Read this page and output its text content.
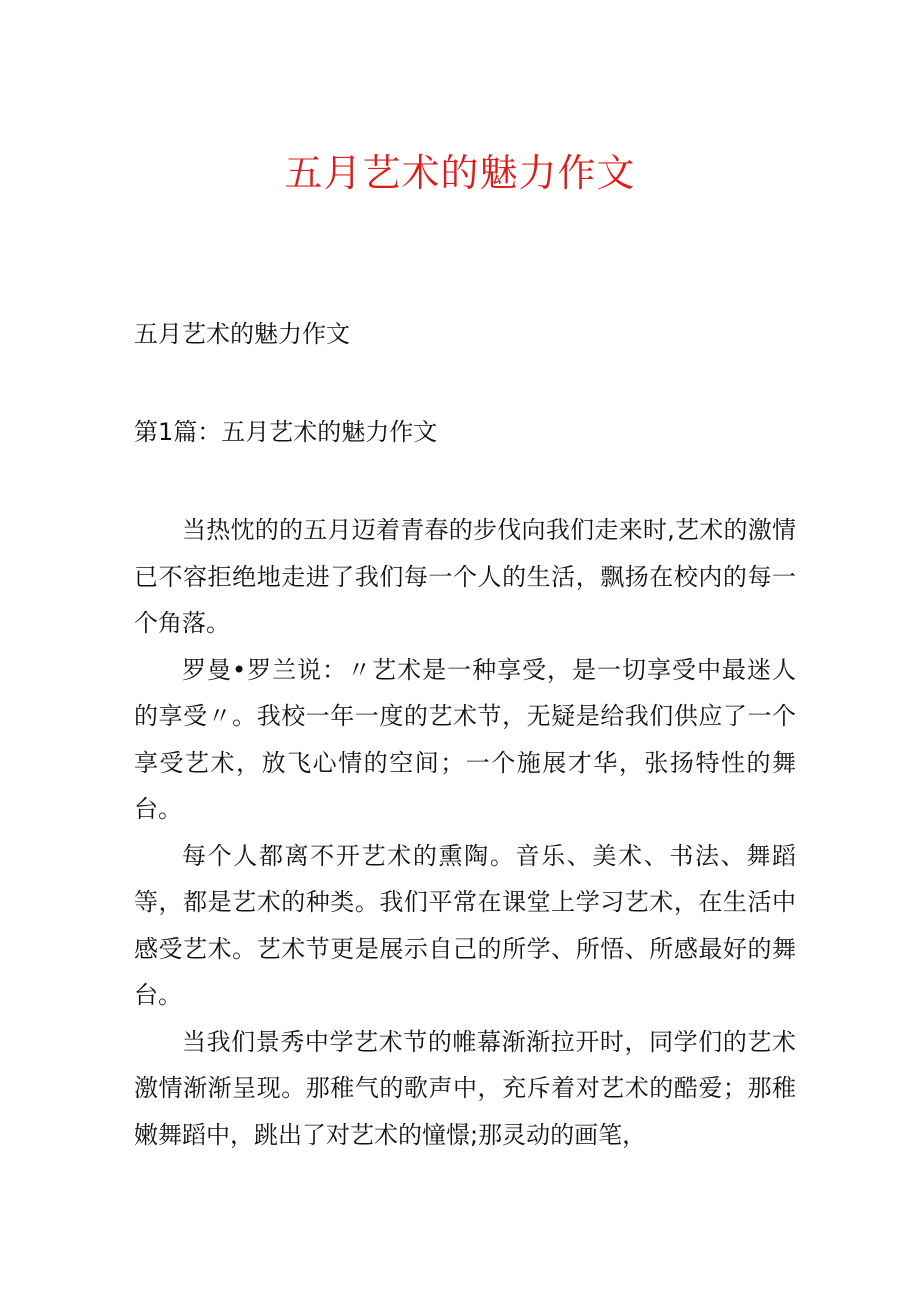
五月艺术的魅力作文
五月艺术的魅力作文
第1篇：五月艺术的魅力作文

当热忱的的五月迈着青春的步伐向我们走来时,艺术的激情已不容拒绝地走进了我们每一个人的生活，飘扬在校内的每一个角落。

罗曼•罗兰说：〃艺术是一种享受，是一切享受中最迷人的享受〃。我校一年一度的艺术节，无疑是给我们供应了一个享受艺术，放飞心情的空间；一个施展才华，张扬特性的舞台。

每个人都离不开艺术的熏陶。音乐、美术、书法、舞蹈等，都是艺术的种类。我们平常在课堂上学习艺术，在生活中感受艺术。艺术节更是展示自己的所学、所悟、所感最好的舞台。

当我们景秀中学艺术节的帷幕渐渐拉开时，同学们的艺术激情渐渐呈现。那稚气的歌声中，充斥着对艺术的酷爱；那稚嫩舞蹈中，跳出了对艺术的憧憬;那灵动的画笔，
